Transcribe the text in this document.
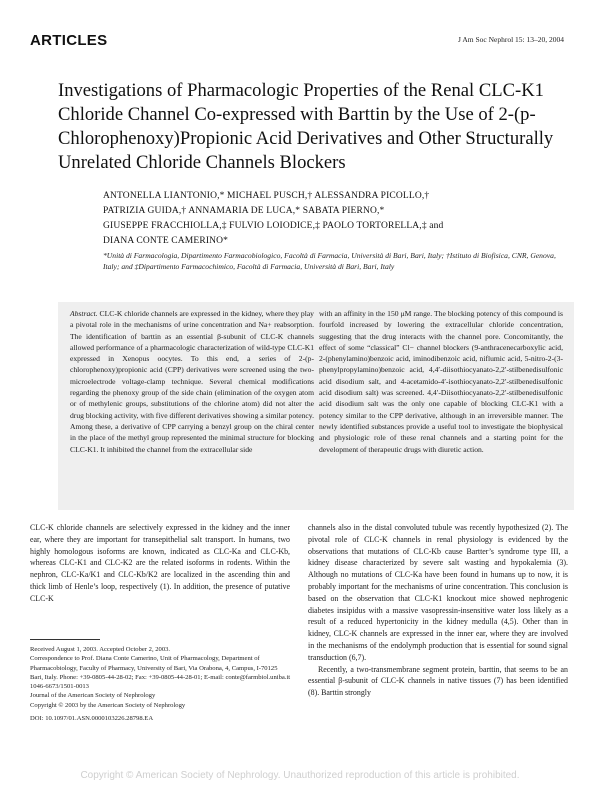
ARTICLES	J Am Soc Nephrol 15: 13–20, 2004
Investigations of Pharmacologic Properties of the Renal CLC-K1 Chloride Channel Co-expressed with Barttin by the Use of 2-(p-Chlorophenoxy)Propionic Acid Derivatives and Other Structurally Unrelated Chloride Channels Blockers
ANTONELLA LIANTONIO,* MICHAEL PUSCH,† ALESSANDRA PICOLLO,†
PATRIZIA GUIDA,† ANNAMARIA DE LUCA,* SABATA PIERNO,*
GIUSEPPE FRACCHIOLLA,‡ FULVIO LOIODICE,‡ PAOLO TORTORELLA,‡ and
DIANA CONTE CAMERINO*
*Unità di Farmacologia, Dipartimento Farmacobiologico, Facoltà di Farmacia, Università di Bari, Bari, Italy; †Istituto di Biofisica, CNR, Genova, Italy; and ‡Dipartimento Farmacochimico, Facoltà di Farmacia, Università di Bari, Bari, Italy

Abstract. CLC-K chloride channels are expressed in the kidney, where they play a pivotal role in the mechanisms of urine concentration and Na+ reabsorption. The identification of barttin as an essential β-subunit of CLC-K channels allowed performance of a pharmacologic characterization of wild-type CLC-K1 expressed in Xenopus oocytes. To this end, a series of 2-(p-chlorophenoxy)propionic acid (CPP) derivatives were screened using the two-microelectrode voltage-clamp technique. Several chemical modifications regarding the phenoxy group of the side chain (elimination of the oxygen atom or of methylenic groups, substitutions of the chlorine atom) did not alter the drug blocking activity, with five different derivatives showing a similar potency. Among these, a derivative of CPP carrying a benzyl group on the chiral center in the place of the methyl group represented the minimal structure for blocking CLC-K1. It inhibited the channel from the extracellular side

with an affinity in the 150 μM range. The blocking potency of this compound is fourfold increased by lowering the extracellular chloride concentration, suggesting that the drug interacts with the channel pore. Concomitantly, the effect of some “classical” Cl− channel blockers (9-anthracenecarboxylic acid, 2-(phenylamino)benzoic acid, iminodibenzoic acid, niflumic acid, 5-nitro-2-(3-phenylpropylamino)benzoic acid, 4,4′-diisothiocyanato-2,2′-stilbenedisulfonic acid disodium salt, and 4-acetamido-4′-isothiocyanato-2,2′-stilbenedisulfonic acid disodium salt) was screened. 4,4′-Diisothiocyanato-2,2′-stilbenedisulfonic acid disodium salt was the only one capable of blocking CLC-K1 with a potency similar to the CPP derivative, although in an irreversible manner. The newly identified substances provide a useful tool to investigate the biophysical and physiologic role of these renal channels and a starting point for the development of therapeutic drugs with diuretic action.

CLC-K chloride channels are selectively expressed in the kidney and the inner ear, where they are important for transepithelial salt transport. In humans, two highly homologous isoforms are known, indicated as CLC-Ka and CLC-Kb, whereas CLC-K1 and CLC-K2 are the related isoforms in rodents. Within the nephron, CLC-Ka/K1 and CLC-Kb/K2 are localized in the ascending thin and thick limb of Henle’s loop, respectively (1). In addition, the presence of putative CLC-K

Received August 1, 2003. Accepted October 2, 2003.

Correspondence to Prof. Diana Conte Camerino, Unit of Pharmacology, Department of Pharmacobiology, Faculty of Pharmacy, University of Bari, Via Orabona, 4, Campus, I-70125 Bari, Italy. Phone: +39-0805-44-28-02; Fax: +39-0805-44-28-01; E-mail: conte@farmbiol.uniba.it

1046-6673/1501-0013

Journal of the American Society of Nephrology

Copyright © 2003 by the American Society of Nephrology

DOI: 10.1097/01.ASN.0000103226.28798.EA

channels also in the distal convoluted tubule was recently hypothesized (2). The pivotal role of CLC-K channels in renal physiology is evidenced by the observations that mutations of CLC-Kb cause Bartter’s syndrome type III, a kidney disease characterized by severe salt wasting and hypokalemia (3). Although no mutations of CLC-Ka have been found in humans up to now, it is probably important for the mechanisms of urine concentration. This conclusion is based on the observation that CLC-K1 knockout mice showed nephrogenic diabetes insipidus with a massive vasopressin-insensitive water loss likely as a result of a reduced hypertonicity in the kidney medulla (4,5). Other than in kidney, CLC-K channels are expressed in the inner ear, where they are involved in the mechanisms of the endolymph production that is essential for sound signal transduction (6,7).

Recently, a two-transmembrane segment protein, barttin, that seems to be an essential β-subunit of CLC-K channels in native tissues (7) has been identified (8). Barttin strongly

Copyright © American Society of Nephrology. Unauthorized reproduction of this article is prohibited.
